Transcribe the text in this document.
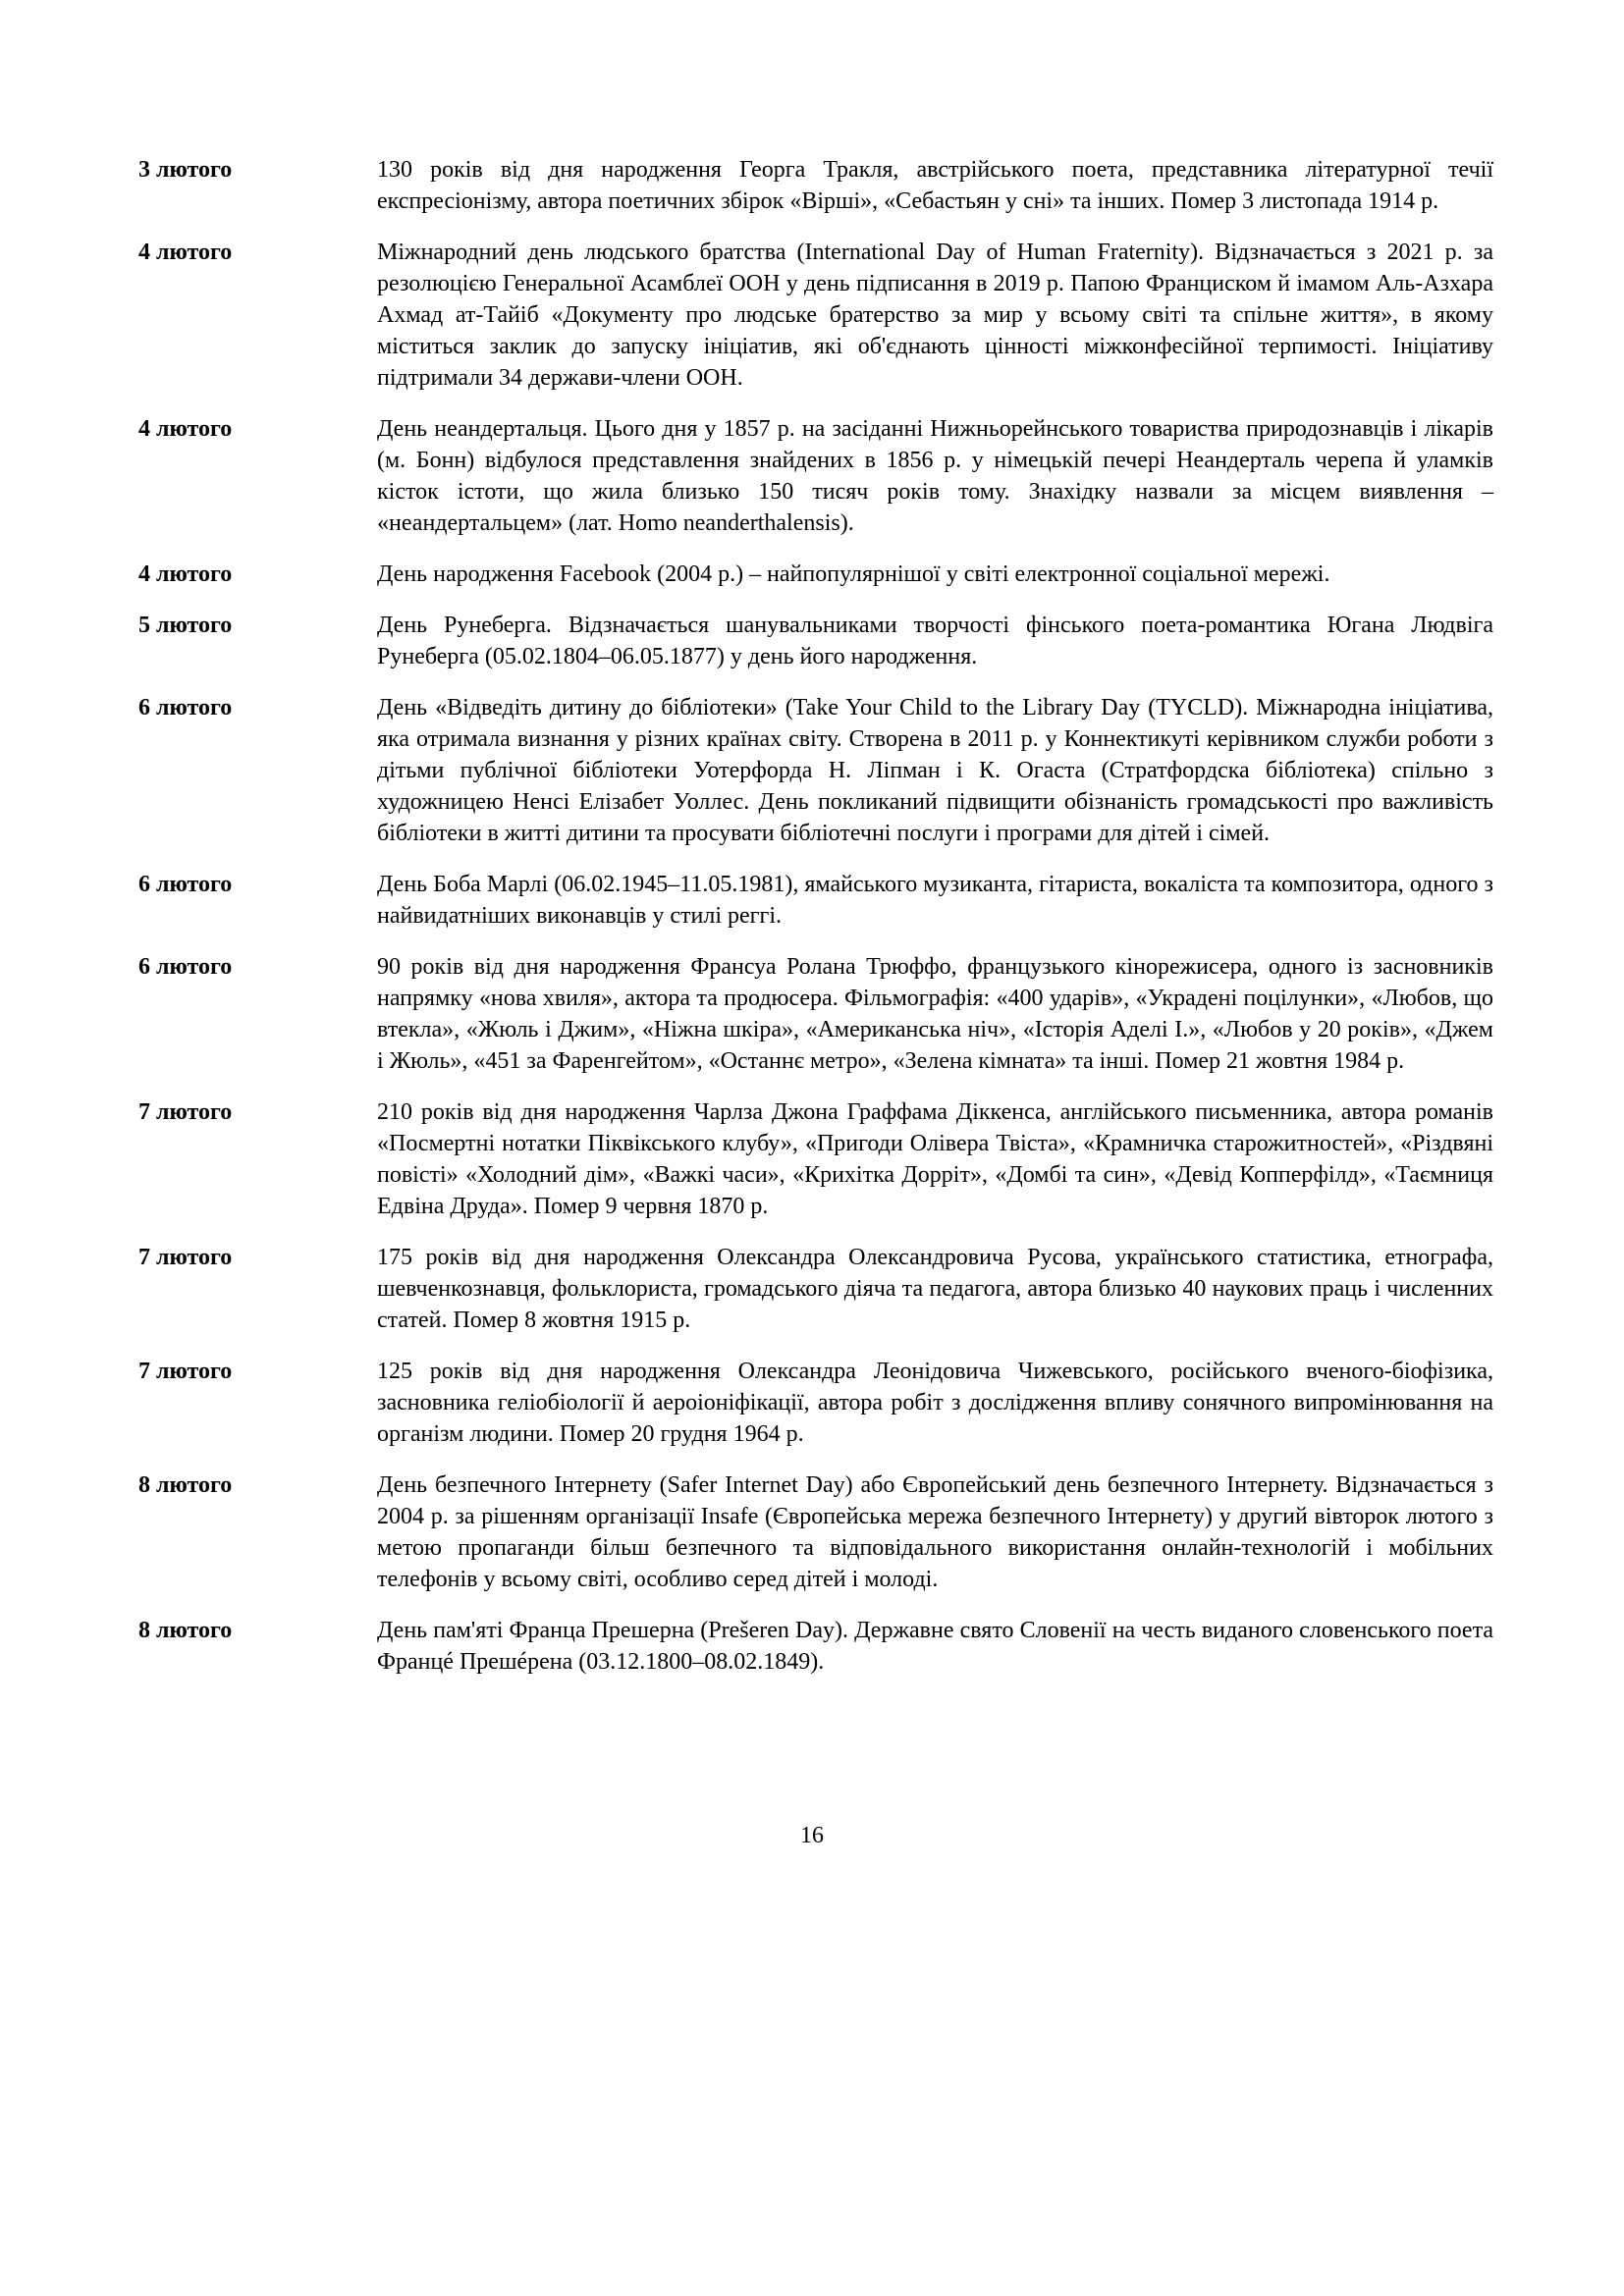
3 лютого	130 років від дня народження Георга Тракля, австрійського поета, представника літературної течії експресіонізму, автора поетичних збірок «Вірші», «Себастьян у сні» та інших. Помер 3 листопада 1914 р.
4 лютого	Міжнародний день людського братства (International Day of Human Fraternity). Відзначається з 2021 р. за резолюцією Генеральної Асамблеї ООН у день підписання в 2019 р. Папою Франциском й імамом Аль-Азхара Ахмад ат-Тайіб «Документу про людське братерство за мир у всьому світі та спільне життя», в якому міститься заклик до запуску ініціатив, які об'єднають цінності міжконфесійної терпимості. Ініціативу підтримали 34 держави-члени ООН.
4 лютого	День неандертальця. Цього дня у 1857 р. на засіданні Нижньорейнського товариства природознавців і лікарів (м. Бонн) відбулося представлення знайдених в 1856 р. у німецькій печері Неандерталь черепа й уламків кісток істоти, що жила близько 150 тисяч років тому. Знахідку назвали за місцем виявлення – «неандертальцем» (лат. Homo neanderthalensis).
4 лютого	День народження Facebook (2004 р.) – найпопулярнішої у світі електронної соціальної мережі.
5 лютого	День Рунеберга. Відзначається шанувальниками творчості фінського поета-романтика Югана Людвіга Рунеберга (05.02.1804–06.05.1877) у день його народження.
6 лютого	День «Відведіть дитину до бібліотеки» (Take Your Child to the Library Day (TYCLD). Міжнародна ініціатива, яка отримала визнання у різних країнах світу. Створена в 2011 р. у Коннектикуті керівником служби роботи з дітьми публічної бібліотеки Уотерфорда Н. Ліпман і К. Огаста (Стратфордска бібліотека) спільно з художницею Ненсі Елізабет Уоллес. День покликаний підвищити обізнаність громадськості про важливість бібліотеки в житті дитини та просувати бібліотечні послуги і програми для дітей і сімей.
6 лютого	День Боба Марлі (06.02.1945–11.05.1981), ямайського музиканта, гітариста, вокаліста та композитора, одного з найвидатніших виконавців у стилі реггі.
6 лютого	90 років від дня народження Франсуа Ролана Трюффо, французького кінорежисера, одного із засновників напрямку «нова хвиля», актора та продюсера. Фільмографія: «400 ударів», «Украдені поцілунки», «Любов, що втекла», «Жюль і Джим», «Ніжна шкіра», «Американська ніч», «Історія Аделі І.», «Любов у 20 років», «Джем і Жюль», «451 за Фаренгейтом», «Останнє метро», «Зелена кімната» та інші. Помер 21 жовтня 1984 р.
7 лютого	210 років від дня народження Чарлза Джона Граффама Діккенса, англійського письменника, автора романів «Посмертні нотатки Піквікського клубу», «Пригоди Олівера Твіста», «Крамничка старожитностей», «Різдвяні повісті» «Холодний дім», «Важкі часи», «Крихітка Доррiт», «Домбі та син», «Девід Копперфілд», «Таємниця Едвіна Друда». Помер 9 червня 1870 р.
7 лютого	175 років від дня народження Олександра Олександровича Русова, українського статистика, етнографа, шевченкознавця, фольклориста, громадського діяча та педагога, автора близько 40 наукових праць і численних статей. Помер 8 жовтня 1915 р.
7 лютого	125 років від дня народження Олександра Леонідовича Чижевського, російського вченого-біофізика, засновника геліобіології й аероіоніфікації, автора робіт з дослідження впливу сонячного випромінювання на організм людини. Помер 20 грудня 1964 р.
8 лютого	День безпечного Інтернету (Safer Internet Day) або Європейський день безпечного Інтернету. Відзначається з 2004 р. за рішенням організації Insafe (Європейська мережа безпечного Інтернету) у другий вівторок лютого з метою пропаганди більш безпечного та відповідального використання онлайн-технологій і мобільних телефонів у всьому світі, особливо серед дітей і молоді.
8 лютого	День пам'яті Франца Прешерна (Prešeren Day). Державне свято Словенії на честь виданого словенського поета Францé Прешéрена (03.12.1800–08.02.1849).
16
